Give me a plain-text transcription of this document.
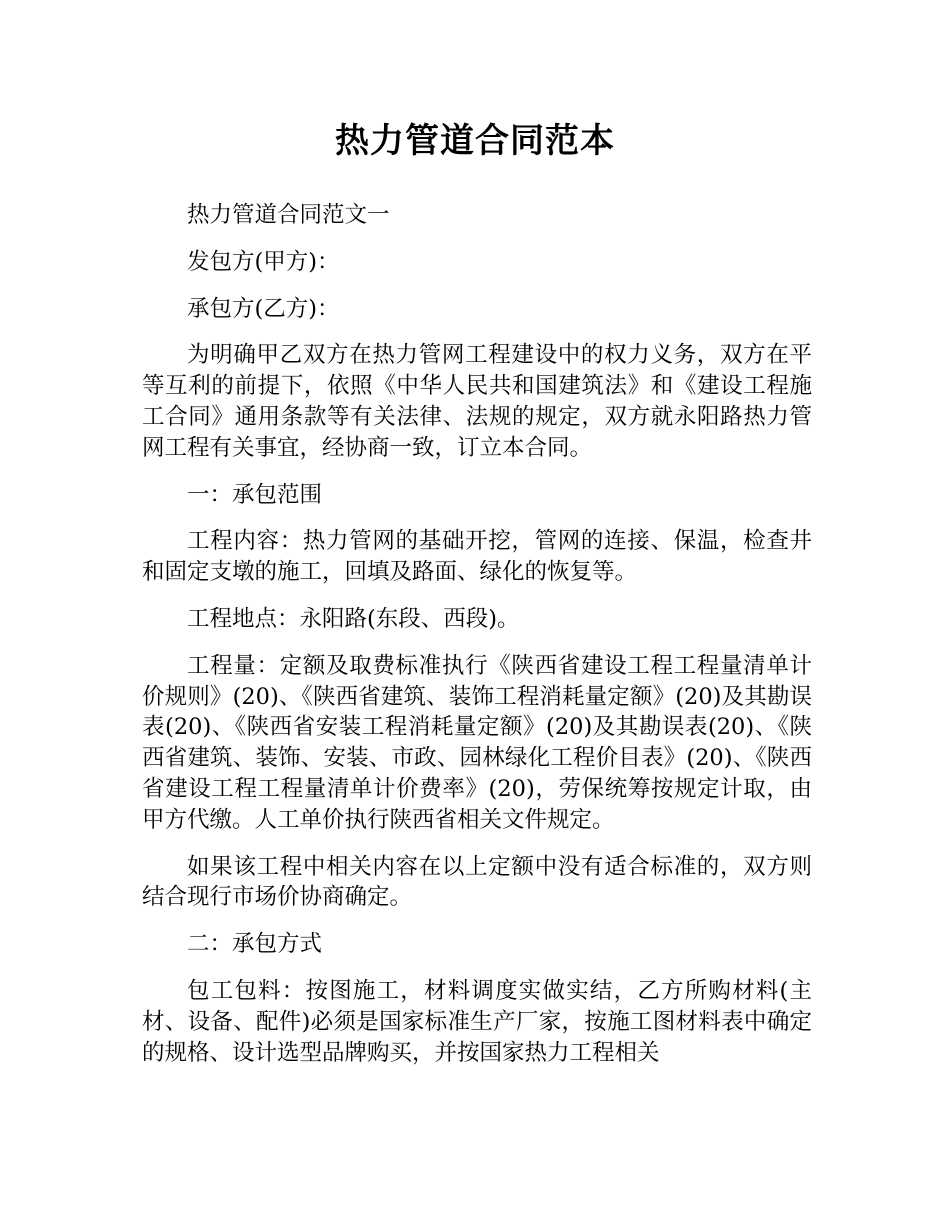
热力管道合同范本

热力管道合同范文一

发包方(甲方)：

承包方(乙方)：

为明确甲乙双方在热力管网工程建设中的权力义务，双方在平等互利的前提下，依照《中华人民共和国建筑法》和《建设工程施工合同》通用条款等有关法律、法规的规定，双方就永阳路热力管网工程有关事宜，经协商一致，订立本合同。

一：承包范围

工程内容：热力管网的基础开挖，管网的连接、保温，检查井和固定支墩的施工，回填及路面、绿化的恢复等。

工程地点：永阳路(东段、西段)。

工程量：定额及取费标准执行《陕西省建设工程工程量清单计价规则》(20)、《陕西省建筑、装饰工程消耗量定额》(20)及其勘误表(20)、《陕西省安装工程消耗量定额》(20)及其勘误表(20)、《陕西省建筑、装饰、安装、市政、园林绿化工程价目表》(20)、《陕西省建设工程工程量清单计价费率》(20)，劳保统筹按规定计取，由甲方代缴。人工单价执行陕西省相关文件规定。

如果该工程中相关内容在以上定额中没有适合标准的，双方则结合现行市场价协商确定。

二：承包方式

包工包料：按图施工，材料调度实做实结，乙方所购材料(主材、设备、配件)必须是国家标准生产厂家，按施工图材料表中确定的规格、设计选型品牌购买，并按国家热力工程相关
